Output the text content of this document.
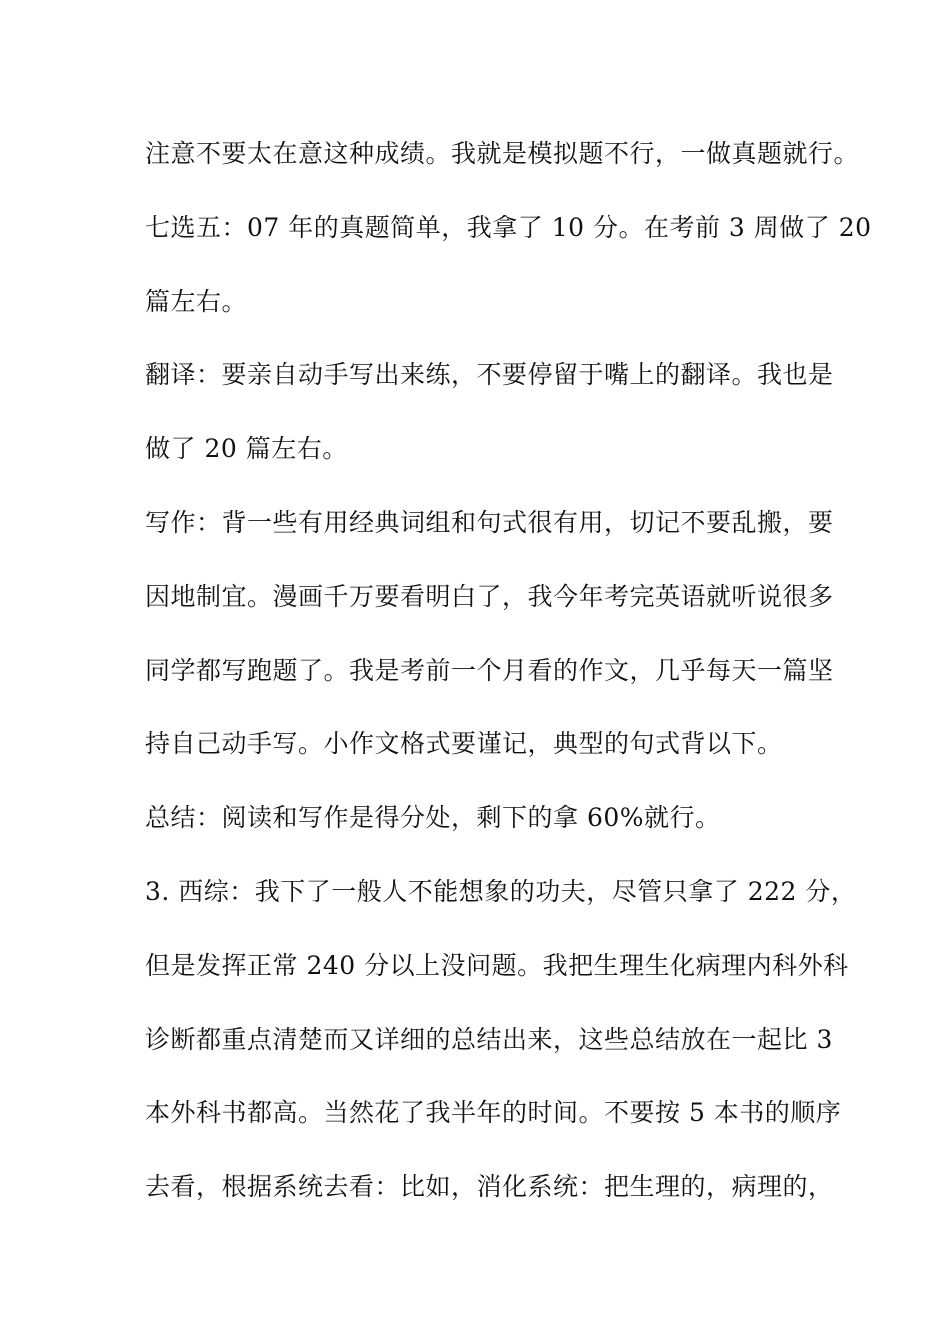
注意不要太在意这种成绩。我就是模拟题不行，一做真题就行。
七选五：07 年的真题简单，我拿了 10 分。在考前 3 周做了 20
篇左右。
翻译：要亲自动手写出来练，不要停留于嘴上的翻译。我也是
做了 20 篇左右。
写作：背一些有用经典词组和句式很有用，切记不要乱搬，要
因地制宜。漫画千万要看明白了，我今年考完英语就听说很多
同学都写跑题了。我是考前一个月看的作文，几乎每天一篇坚
持自己动手写。小作文格式要谨记，典型的句式背以下。
总结：阅读和写作是得分处，剩下的拿 60%就行。
3. 西综：我下了一般人不能想象的功夫，尽管只拿了 222 分，
但是发挥正常 240 分以上没问题。我把生理生化病理内科外科
诊断都重点清楚而又详细的总结出来，这些总结放在一起比 3
本外科书都高。当然花了我半年的时间。不要按 5 本书的顺序
去看，根据系统去看：比如，消化系统：把生理的，病理的，
